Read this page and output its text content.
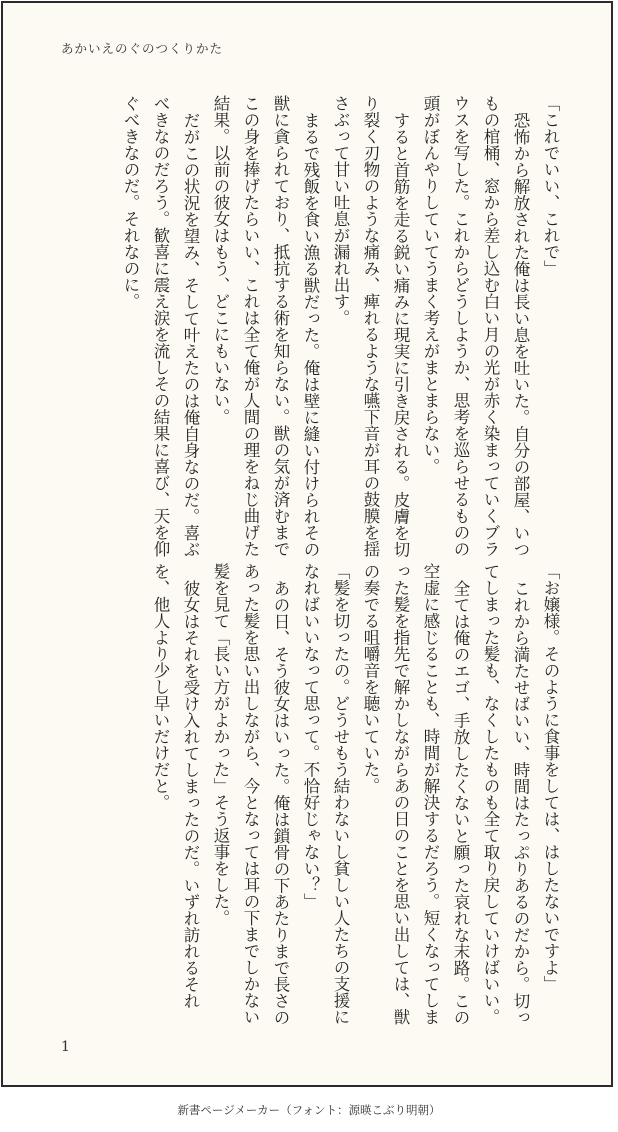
あかいえのぐのつくりかた

「これでいい、これで」

恐怖から解放された俺は長い息を吐いた。自分の部屋、いつもの棺桶、窓から差し込む白い月の光が赤く染まっていくブラウスを写した。これからどうしようか、思考を巡らせるものの頭がぼんやりしていてうまく考えがまとまらない。

すると首筋を走る鋭い痛みに現実に引き戻される。皮膚を切り裂く刃物のような痛み、痺れるような嚥下音が耳の鼓膜を揺さぶって甘い吐息が漏れ出す。

まるで残飯を食い漁る獣だった。俺は壁に縫い付けられその獣に貪られており、抵抗する術を知らない。獣の気が済むまでこの身を捧げたらいい、これは全て俺が人間の理をねじ曲げた結果。以前の彼女はもう、どこにもいない。

だがこの状況を望み、そして叶えたのは俺自身なのだ。喜ぶべきなのだろう。歓喜に震え涙を流しその結果に喜び、天を仰ぐべきなのだ。それなのに。

「お嬢様。そのように食事をしては、はしたないですよ」

これから満たせばいい、時間はたっぷりあるのだから。切ってしまった髪も、なくしたものも全て取り戻していけばいい。

全ては俺のエゴ、手放したくないと願った哀れな末路。この空虚に感じることも、時間が解決するだろう。短くなってしまった髪を指先で解かしながらあの日のことを思い出しては、獣の奏でる咀嚼音を聴いていた。

「髪を切ったの。どうせもう結わないし貧しい人たちの支援になればいいなって思って。不恰好じゃない？」

あの日、そう彼女はいった。俺は鎖骨の下あたりまで長さのあった髪を思い出しながら、今となっては耳の下までしかない髪を見て「長い方がよかった」そう返事をした。

彼女はそれを受け入れてしまったのだ。いずれ訪れるそれを、他人より少し早いだけだと。

1
新書ページメーカー（フォント：源暎こぶり明朝）
